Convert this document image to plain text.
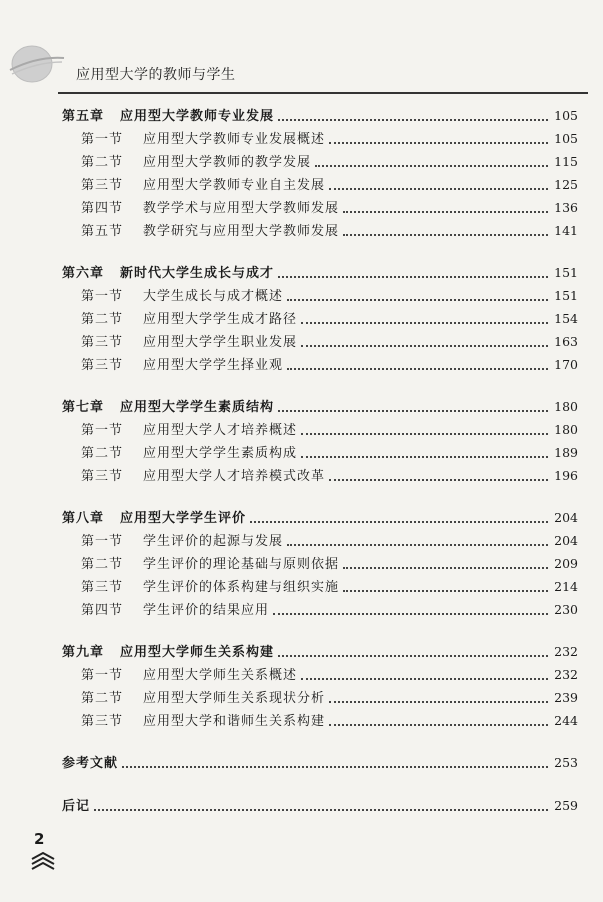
应用型大学的教师与学生
第五章	应用型大学教师专业发展	105
第一节	应用型大学教师专业发展概述	105
第二节	应用型大学教师的教学发展	115
第三节	应用型大学教师专业自主发展	125
第四节	教学学术与应用型大学教师发展	136
第五节	教学研究与应用型大学教师发展	141
第六章	新时代大学生成长与成才	151
第一节	大学生成长与成才概述	151
第二节	应用型大学学生成才路径	154
第三节	应用型大学学生职业发展	163
第三节	应用型大学学生择业观	170
第七章	应用型大学学生素质结构	180
第一节	应用型大学人才培养概述	180
第二节	应用型大学学生素质构成	189
第三节	应用型大学人才培养模式改革	196
第八章	应用型大学学生评价	204
第一节	学生评价的起源与发展	204
第二节	学生评价的理论基础与原则依据	209
第三节	学生评价的体系构建与组织实施	214
第四节	学生评价的结果应用	230
第九章	应用型大学师生关系构建	232
第一节	应用型大学师生关系概述	232
第二节	应用型大学师生关系现状分析	239
第三节	应用型大学和谐师生关系构建	244
参考文献	253
后记	259
2
